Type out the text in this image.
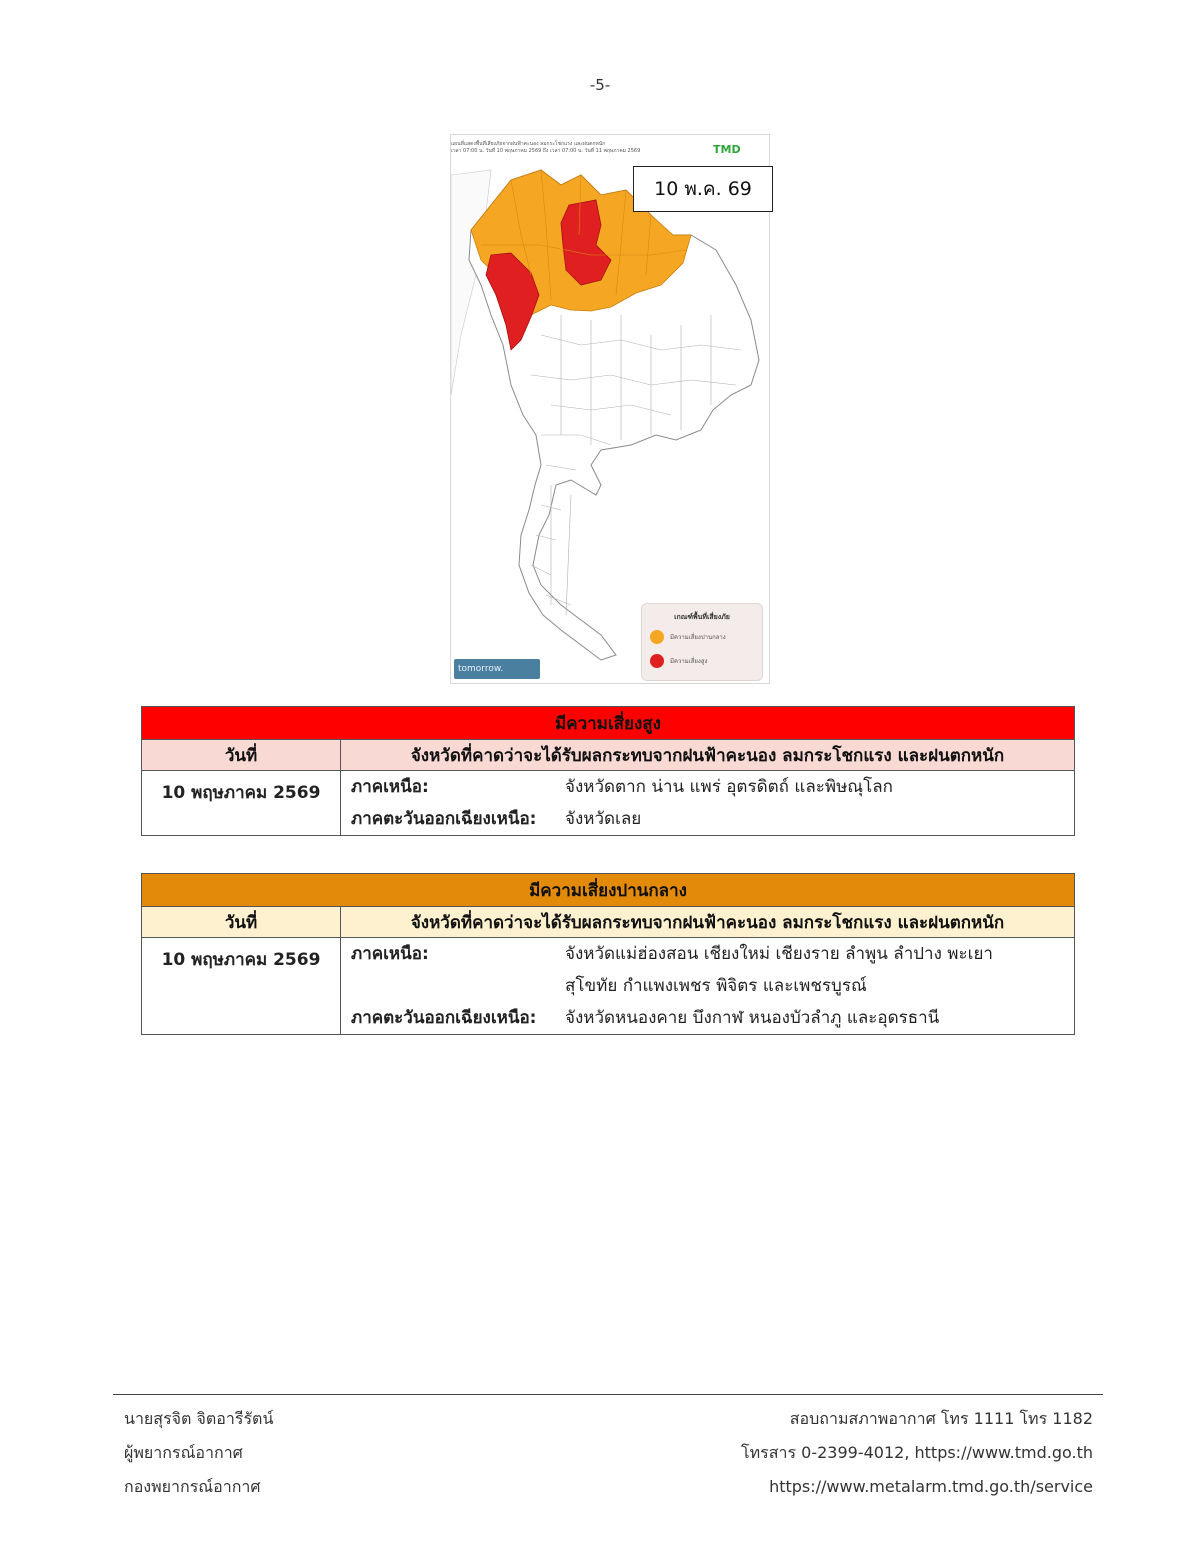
-5-
แผนที่แสดงพื้นที่เสี่ยงภัยจากฝนฟ้าคะนอง ลมกระโชกแรง และฝนตกหนัก
เวลา 07:00 น. วันที่ 10 พฤษภาคม 2569 ถึง เวลา 07:00 น. วันที่ 11 พฤษภาคม 2569	TMD
เกณฑ์พื้นที่เสี่ยงภัย
มีความเสี่ยงปานกลาง
มีความเสี่ยงสูง
tomorrow.
10 พ.ค. 69
มีความเสี่ยงสูง	
วันที่	จังหวัดที่คาดว่าจะได้รับผลกระทบจากฝนฟ้าคะนอง ลมกระโชกแรง และฝนตกหนัก
10 พฤษภาคม 2569	ภาคเหนือ: จังหวัดตาก น่าน แพร่ อุตรดิตถ์ และพิษณุโลก
ภาคตะวันออกเฉียงเหนือ: จังหวัดเลย
มีความเสี่ยงปานกลาง	
วันที่	จังหวัดที่คาดว่าจะได้รับผลกระทบจากฝนฟ้าคะนอง ลมกระโชกแรง และฝนตกหนัก
10 พฤษภาคม 2569	ภาคเหนือ: จังหวัดแม่ฮ่องสอน เชียงใหม่ เชียงราย ลำพูน ลำปาง พะเยา
สุโขทัย กำแพงเพชร พิจิตร และเพชรบูรณ์
ภาคตะวันออกเฉียงเหนือ: จังหวัดหนองคาย บึงกาฬ หนองบัวลำภู และอุดรธานี
นายสุรจิต จิตอารีรัตน์
ผู้พยากรณ์อากาศ
กองพยากรณ์อากาศ
สอบถามสภาพอากาศ โทร 1111 โทร 1182
โทรสาร 0-2399-4012, https://www.tmd.go.th
https://www.metalarm.tmd.go.th/service
